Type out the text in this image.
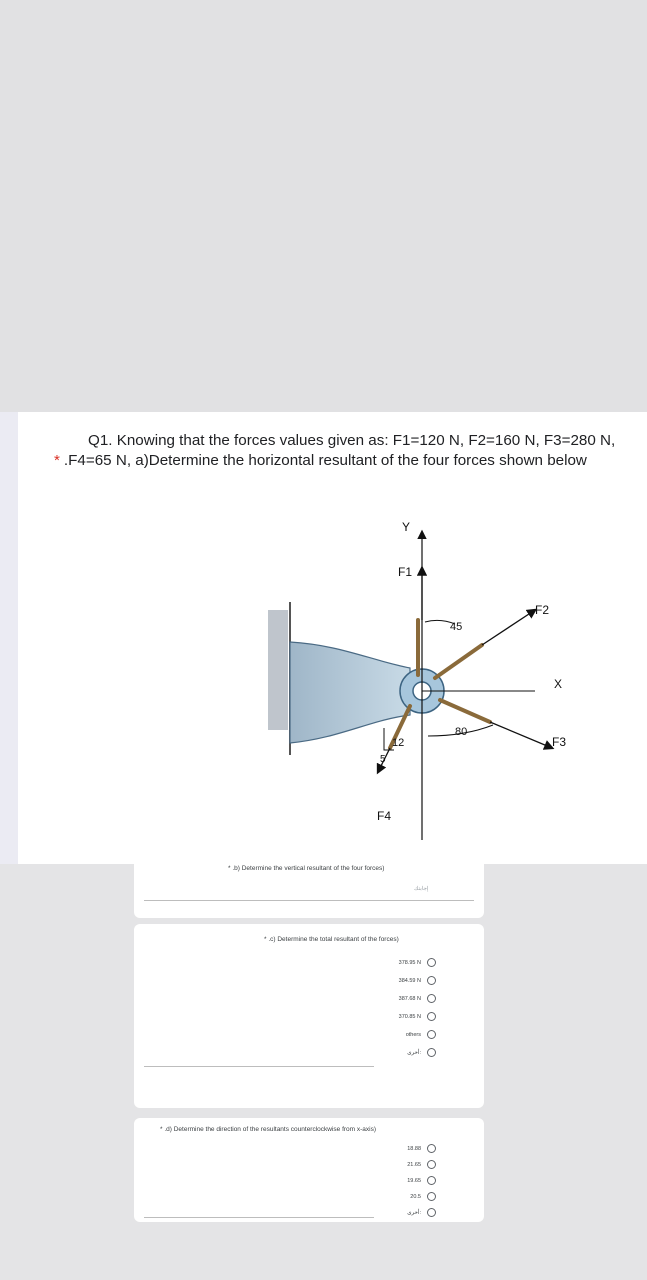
Q1. Knowing that the forces values given as: F1=120 N, F2=160 N, F3=280 N,
* .F4=65 N, a)Determine the horizontal resultant of the four forces shown below
Y
F1
F2
45
X
F3
80
12
5
F4
* .b) Determine the vertical resultant of the four forces)
إجابتك
* .c) Determine the total resultant of the forces)
378.95 N
384.59 N
387.68 N
370.85 N
others
أخرى:
* .d) Determine the direction of the resultants counterclockwise from x-axis)
18.88
21.65
19.65
20.5
أخرى:
